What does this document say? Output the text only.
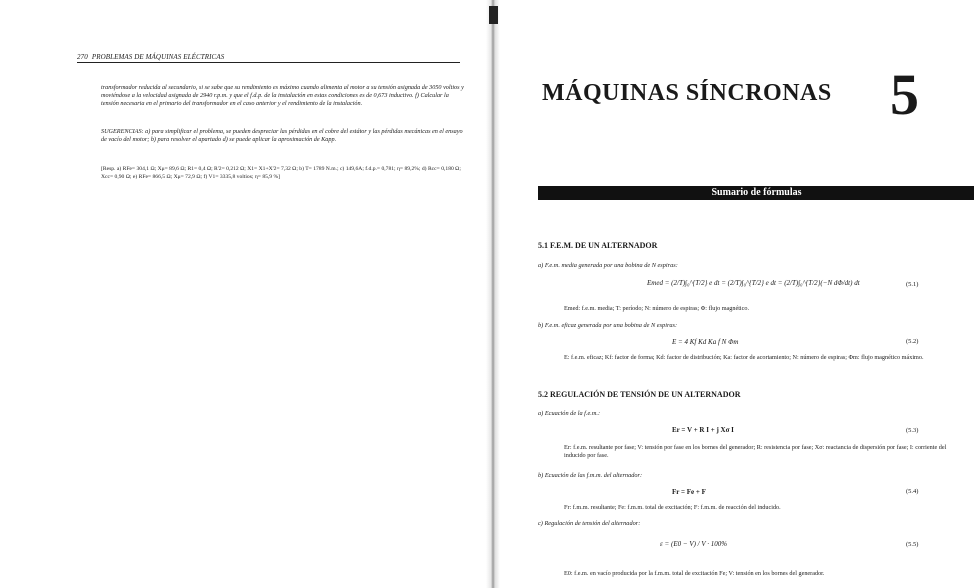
270 PROBLEMAS DE MÁQUINAS ELÉCTRICAS
transformador reducida al secundario, si se sabe que su rendimiento es máximo cuando alimenta al motor a su tensión asignada de 3050 voltios y moviéndose a la velocidad asignada de 2940 r.p.m. y que el f.d.p. de la instalación en estas condiciones es de 0,673 inductivo. f) Calcular la tensión necesaria en el primario del transformador en el caso anterior y el rendimiento de la instalación.
SUGERENCIAS: a) para simplificar el problema, se pueden despreciar las pérdidas en el cobre del estátor y las pérdidas mecánicas en el ensayo de vacío del motor; b) para resolver el apartado d) se puede aplicar la aproximación de Kapp.
[Resp. a) RFe= 304,1 Ω; Xμ= 89,6 Ω; R1= 0,4 Ω; R'2= 0,212 Ω; X1= X1+X'2= 7,32 Ω; b) T= 1789 N.m.; c) 149,6A; f.d.p.= 0,781; η= 89,2%; d) Rcc= 0,180 Ω; Xcc= 0,90 Ω; e) RFe= 866,5 Ω; Xμ= 72,9 Ω; f) V1= 3335,8 voltios; η= 85,9 %]
MÁQUINAS SÍNCRONAS 5
Sumario de fórmulas
5.1 F.E.M. DE UN ALTERNADOR
a) F.e.m. media generada por una bobina de N espiras:
Emed = (2/T)∫₀^{T/2} e dt = (2/T)∫₀^{T/2} e dt = (2/T)∫₀^{T/2}(−N dΦ/dt) dt	(5.1)
Emed: f.e.m. media; T: período; N: número de espiras; Φ: flujo magnético.
b) F.e.m. eficaz generada por una bobina de N espiras:
E = 4 Kf Kd Ka f N Φm	(5.2)
E: f.e.m. eficaz; Kf: factor de forma; Kd: factor de distribución; Ka: factor de acortamiento; N: número de espiras; Φm: flujo magnético máximo.
5.2 REGULACIÓN DE TENSIÓN DE UN ALTERNADOR
a) Ecuación de la f.e.m.:
Er = V + R I + j Xσ I	(5.3)
Er: f.e.m. resultante por fase; V: tensión por fase en los bornes del generador; R: resistencia por fase; Xσ: reactancia de dispersión por fase; I: corriente del inducido por fase.
b) Ecuación de las f.m.m. del alternador:
Fr = Fe + F	(5.4)
Fr: f.m.m. resultante; Fe: f.m.m. total de excitación; F: f.m.m. de reacción del inducido.
c) Regulación de tensión del alternador:
ε = (E0 − V) / V · 100%	(5.5)
E0: f.e.m. en vacío producida por la f.m.m. total de excitación Fe; V: tensión en los bornes del generador.
